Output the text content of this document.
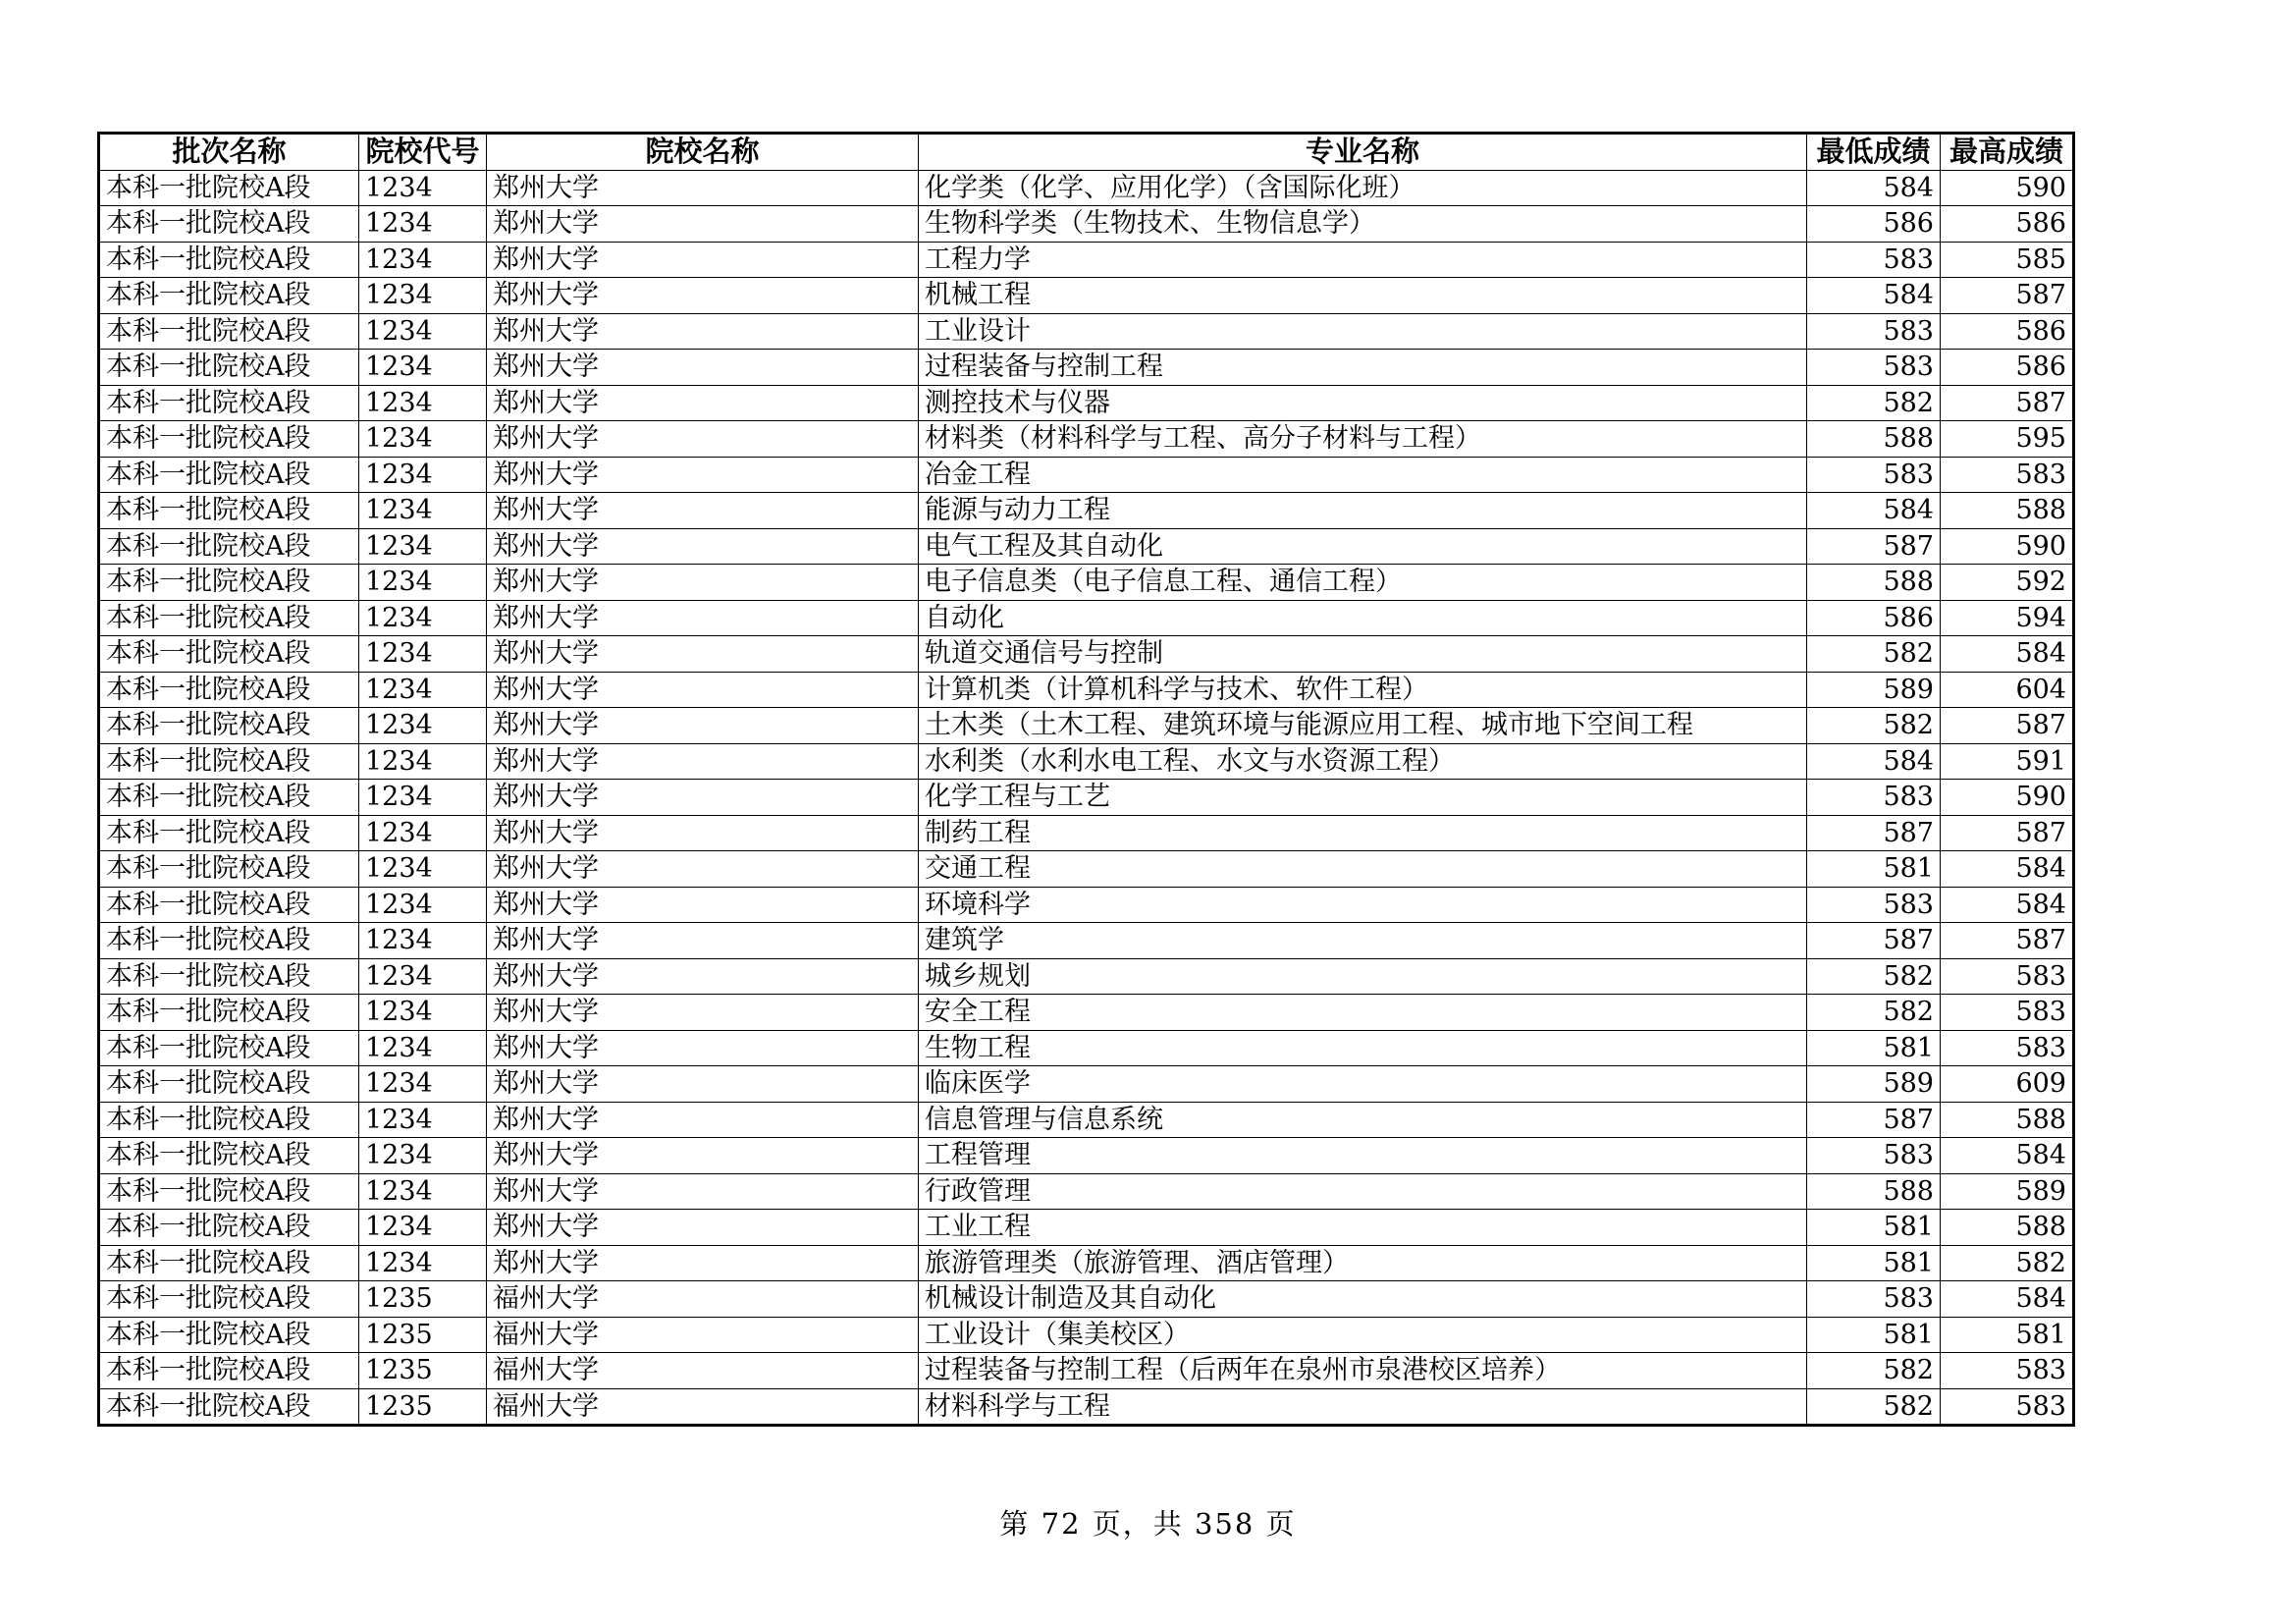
批次名称	院校代号	院校名称	专业名称	最低成绩	最高成绩
本科一批院校A段	1234	郑州大学	化学类（化学、应用化学）（含国际化班）	584	590
本科一批院校A段	1234	郑州大学	生物科学类（生物技术、生物信息学）	586	586
本科一批院校A段	1234	郑州大学	工程力学	583	585
本科一批院校A段	1234	郑州大学	机械工程	584	587
本科一批院校A段	1234	郑州大学	工业设计	583	586
本科一批院校A段	1234	郑州大学	过程装备与控制工程	583	586
本科一批院校A段	1234	郑州大学	测控技术与仪器	582	587
本科一批院校A段	1234	郑州大学	材料类（材料科学与工程、高分子材料与工程）	588	595
本科一批院校A段	1234	郑州大学	冶金工程	583	583
本科一批院校A段	1234	郑州大学	能源与动力工程	584	588
本科一批院校A段	1234	郑州大学	电气工程及其自动化	587	590
本科一批院校A段	1234	郑州大学	电子信息类（电子信息工程、通信工程）	588	592
本科一批院校A段	1234	郑州大学	自动化	586	594
本科一批院校A段	1234	郑州大学	轨道交通信号与控制	582	584
本科一批院校A段	1234	郑州大学	计算机类（计算机科学与技术、软件工程）	589	604
本科一批院校A段	1234	郑州大学	土木类（土木工程、建筑环境与能源应用工程、城市地下空间工程	582	587
本科一批院校A段	1234	郑州大学	水利类（水利水电工程、水文与水资源工程）	584	591
本科一批院校A段	1234	郑州大学	化学工程与工艺	583	590
本科一批院校A段	1234	郑州大学	制药工程	587	587
本科一批院校A段	1234	郑州大学	交通工程	581	584
本科一批院校A段	1234	郑州大学	环境科学	583	584
本科一批院校A段	1234	郑州大学	建筑学	587	587
本科一批院校A段	1234	郑州大学	城乡规划	582	583
本科一批院校A段	1234	郑州大学	安全工程	582	583
本科一批院校A段	1234	郑州大学	生物工程	581	583
本科一批院校A段	1234	郑州大学	临床医学	589	609
本科一批院校A段	1234	郑州大学	信息管理与信息系统	587	588
本科一批院校A段	1234	郑州大学	工程管理	583	584
本科一批院校A段	1234	郑州大学	行政管理	588	589
本科一批院校A段	1234	郑州大学	工业工程	581	588
本科一批院校A段	1234	郑州大学	旅游管理类（旅游管理、酒店管理）	581	582
本科一批院校A段	1235	福州大学	机械设计制造及其自动化	583	584
本科一批院校A段	1235	福州大学	工业设计（集美校区）	581	581
本科一批院校A段	1235	福州大学	过程装备与控制工程（后两年在泉州市泉港校区培养）	582	583
本科一批院校A段	1235	福州大学	材料科学与工程	582	583
第 72 页，共 358 页
